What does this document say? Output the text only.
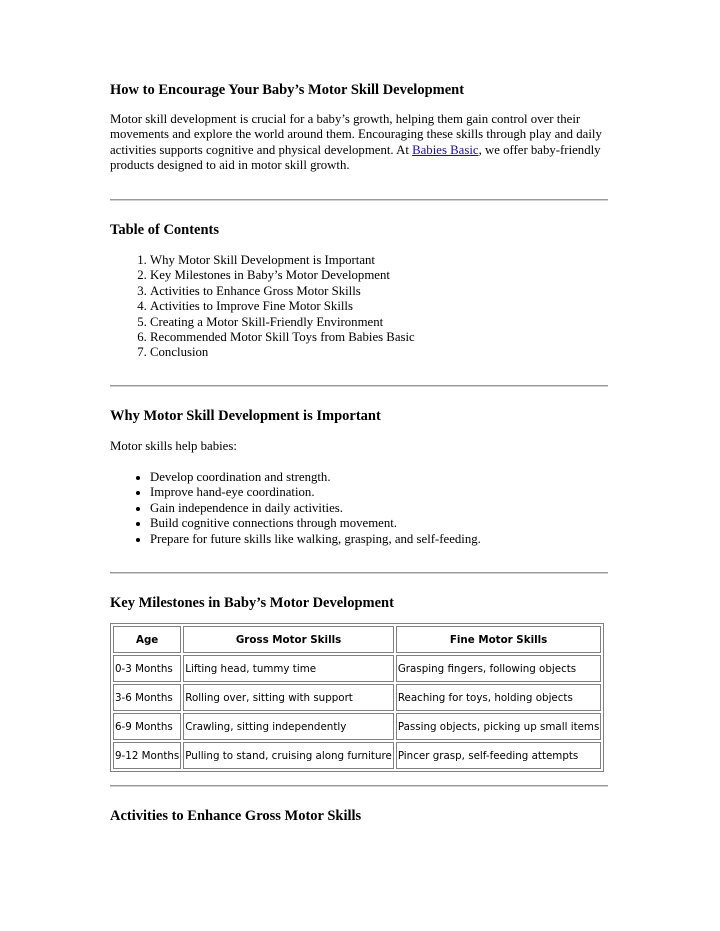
How to Encourage Your Baby’s Motor Skill Development

Motor skill development is crucial for a baby’s growth, helping them gain control over their movements and explore the world around them. Encouraging these skills through play and daily activities supports cognitive and physical development. At Babies Basic, we offer baby-friendly products designed to aid in motor skill growth.

Table of Contents
1. Why Motor Skill Development is Important
2. Key Milestones in Baby’s Motor Development
3. Activities to Enhance Gross Motor Skills
4. Activities to Improve Fine Motor Skills
5. Creating a Motor Skill-Friendly Environment
6. Recommended Motor Skill Toys from Babies Basic
7. Conclusion
Why Motor Skill Development is Important

Motor skills help babies:

• Develop coordination and strength.
• Improve hand-eye coordination.
• Gain independence in daily activities.
• Build cognitive connections through movement.
• Prepare for future skills like walking, grasping, and self-feeding.
Key Milestones in Baby’s Motor Development
Age	Gross Motor Skills	Fine Motor Skills
0-3 Months	Lifting head, tummy time	Grasping fingers, following objects
3-6 Months	Rolling over, sitting with support	Reaching for toys, holding objects
6-9 Months	Crawling, sitting independently	Passing objects, picking up small items
9-12 Months	Pulling to stand, cruising along furniture	Pincer grasp, self-feeding attempts
Activities to Enhance Gross Motor Skills
